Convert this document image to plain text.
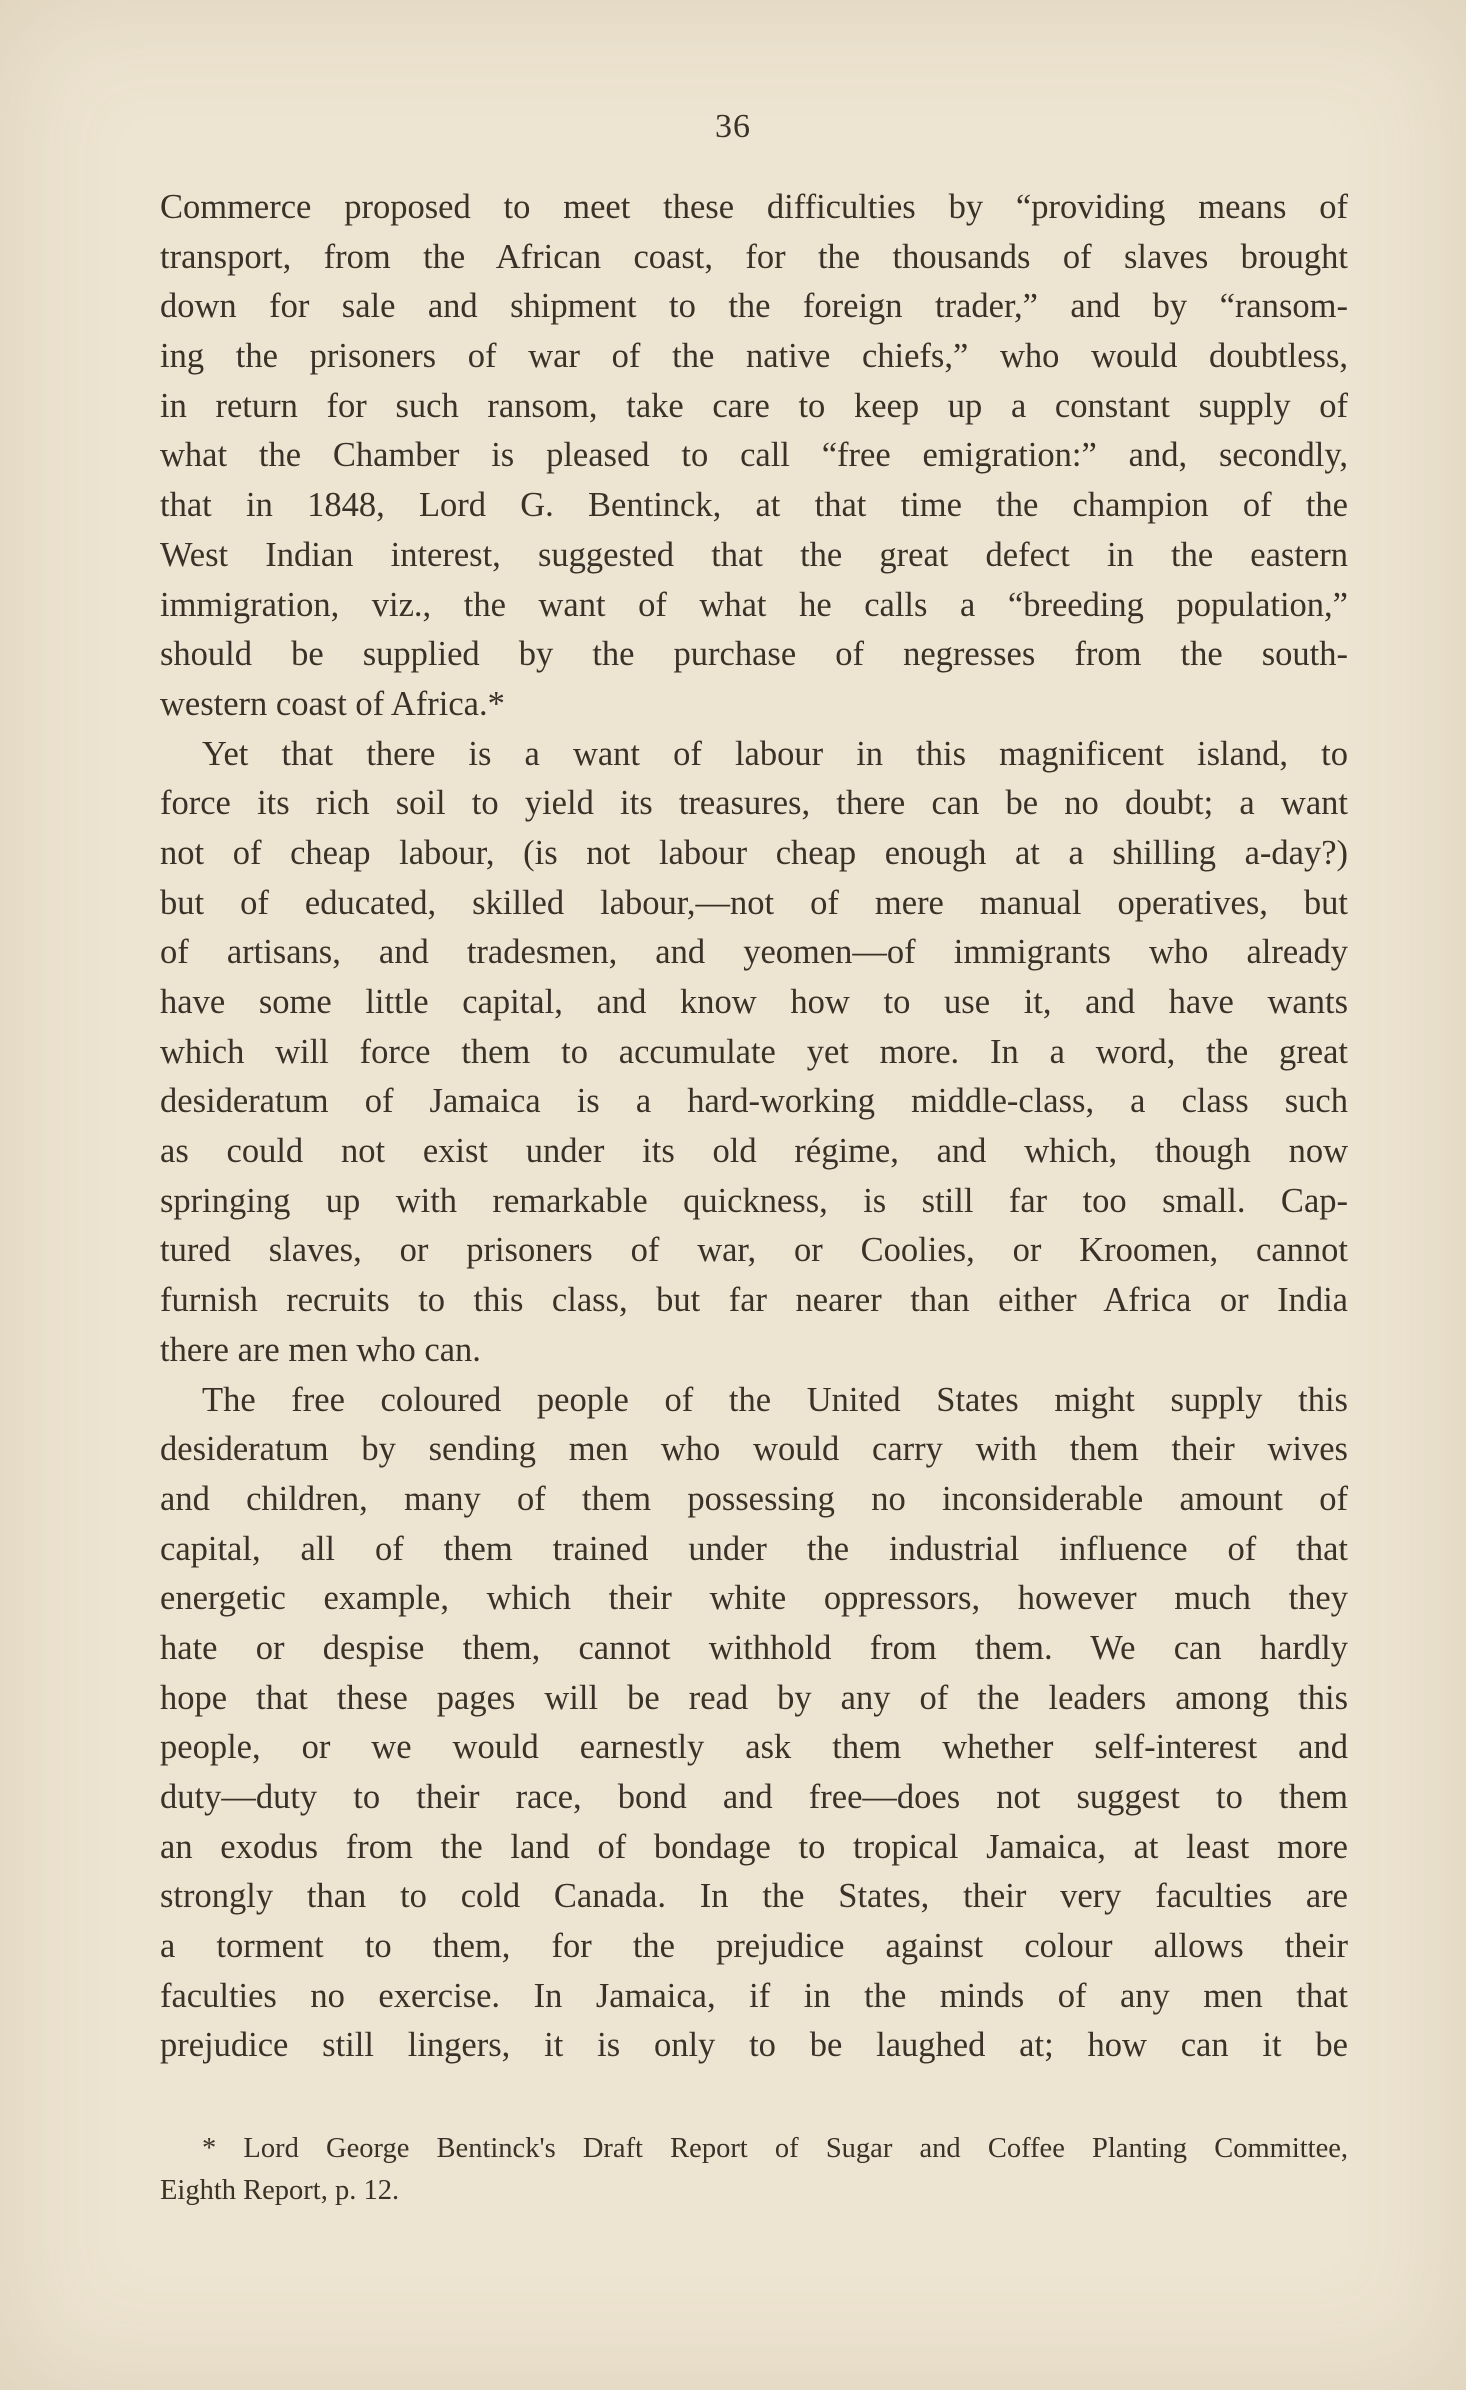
36
Commerce proposed to meet these difficulties by “providing means of
transport, from the African coast, for the thousands of slaves brought
down for sale and shipment to the foreign trader,” and by “ransom-
ing the prisoners of war of the native chiefs,” who would doubtless,
in return for such ransom, take care to keep up a constant supply of
what the Chamber is pleased to call “free emigration:” and, secondly,
that in 1848, Lord G. Bentinck, at that time the champion of the
West Indian interest, suggested that the great defect in the eastern
immigration, viz., the want of what he calls a “breeding population,”
should be supplied by the purchase of negresses from the south-
western coast of Africa.*
Yet that there is a want of labour in this magnificent island, to
force its rich soil to yield its treasures, there can be no doubt; a want
not of cheap labour, (is not labour cheap enough at a shilling a-day?)
but of educated, skilled labour,—not of mere manual operatives, but
of artisans, and tradesmen, and yeomen—of immigrants who already
have some little capital, and know how to use it, and have wants
which will force them to accumulate yet more. In a word, the great
desideratum of Jamaica is a hard-working middle-class, a class such
as could not exist under its old régime, and which, though now
springing up with remarkable quickness, is still far too small. Cap-
tured slaves, or prisoners of war, or Coolies, or Kroomen, cannot
furnish recruits to this class, but far nearer than either Africa or India
there are men who can.
The free coloured people of the United States might supply this
desideratum by sending men who would carry with them their wives
and children, many of them possessing no inconsiderable amount of
capital, all of them trained under the industrial influence of that
energetic example, which their white oppressors, however much they
hate or despise them, cannot withhold from them. We can hardly
hope that these pages will be read by any of the leaders among this
people, or we would earnestly ask them whether self-interest and
duty—duty to their race, bond and free—does not suggest to them
an exodus from the land of bondage to tropical Jamaica, at least more
strongly than to cold Canada. In the States, their very faculties are
a torment to them, for the prejudice against colour allows their
faculties no exercise. In Jamaica, if in the minds of any men that
prejudice still lingers, it is only to be laughed at; how can it be
* Lord George Bentinck's Draft Report of Sugar and Coffee Planting Committee,
Eighth Report, p. 12.
